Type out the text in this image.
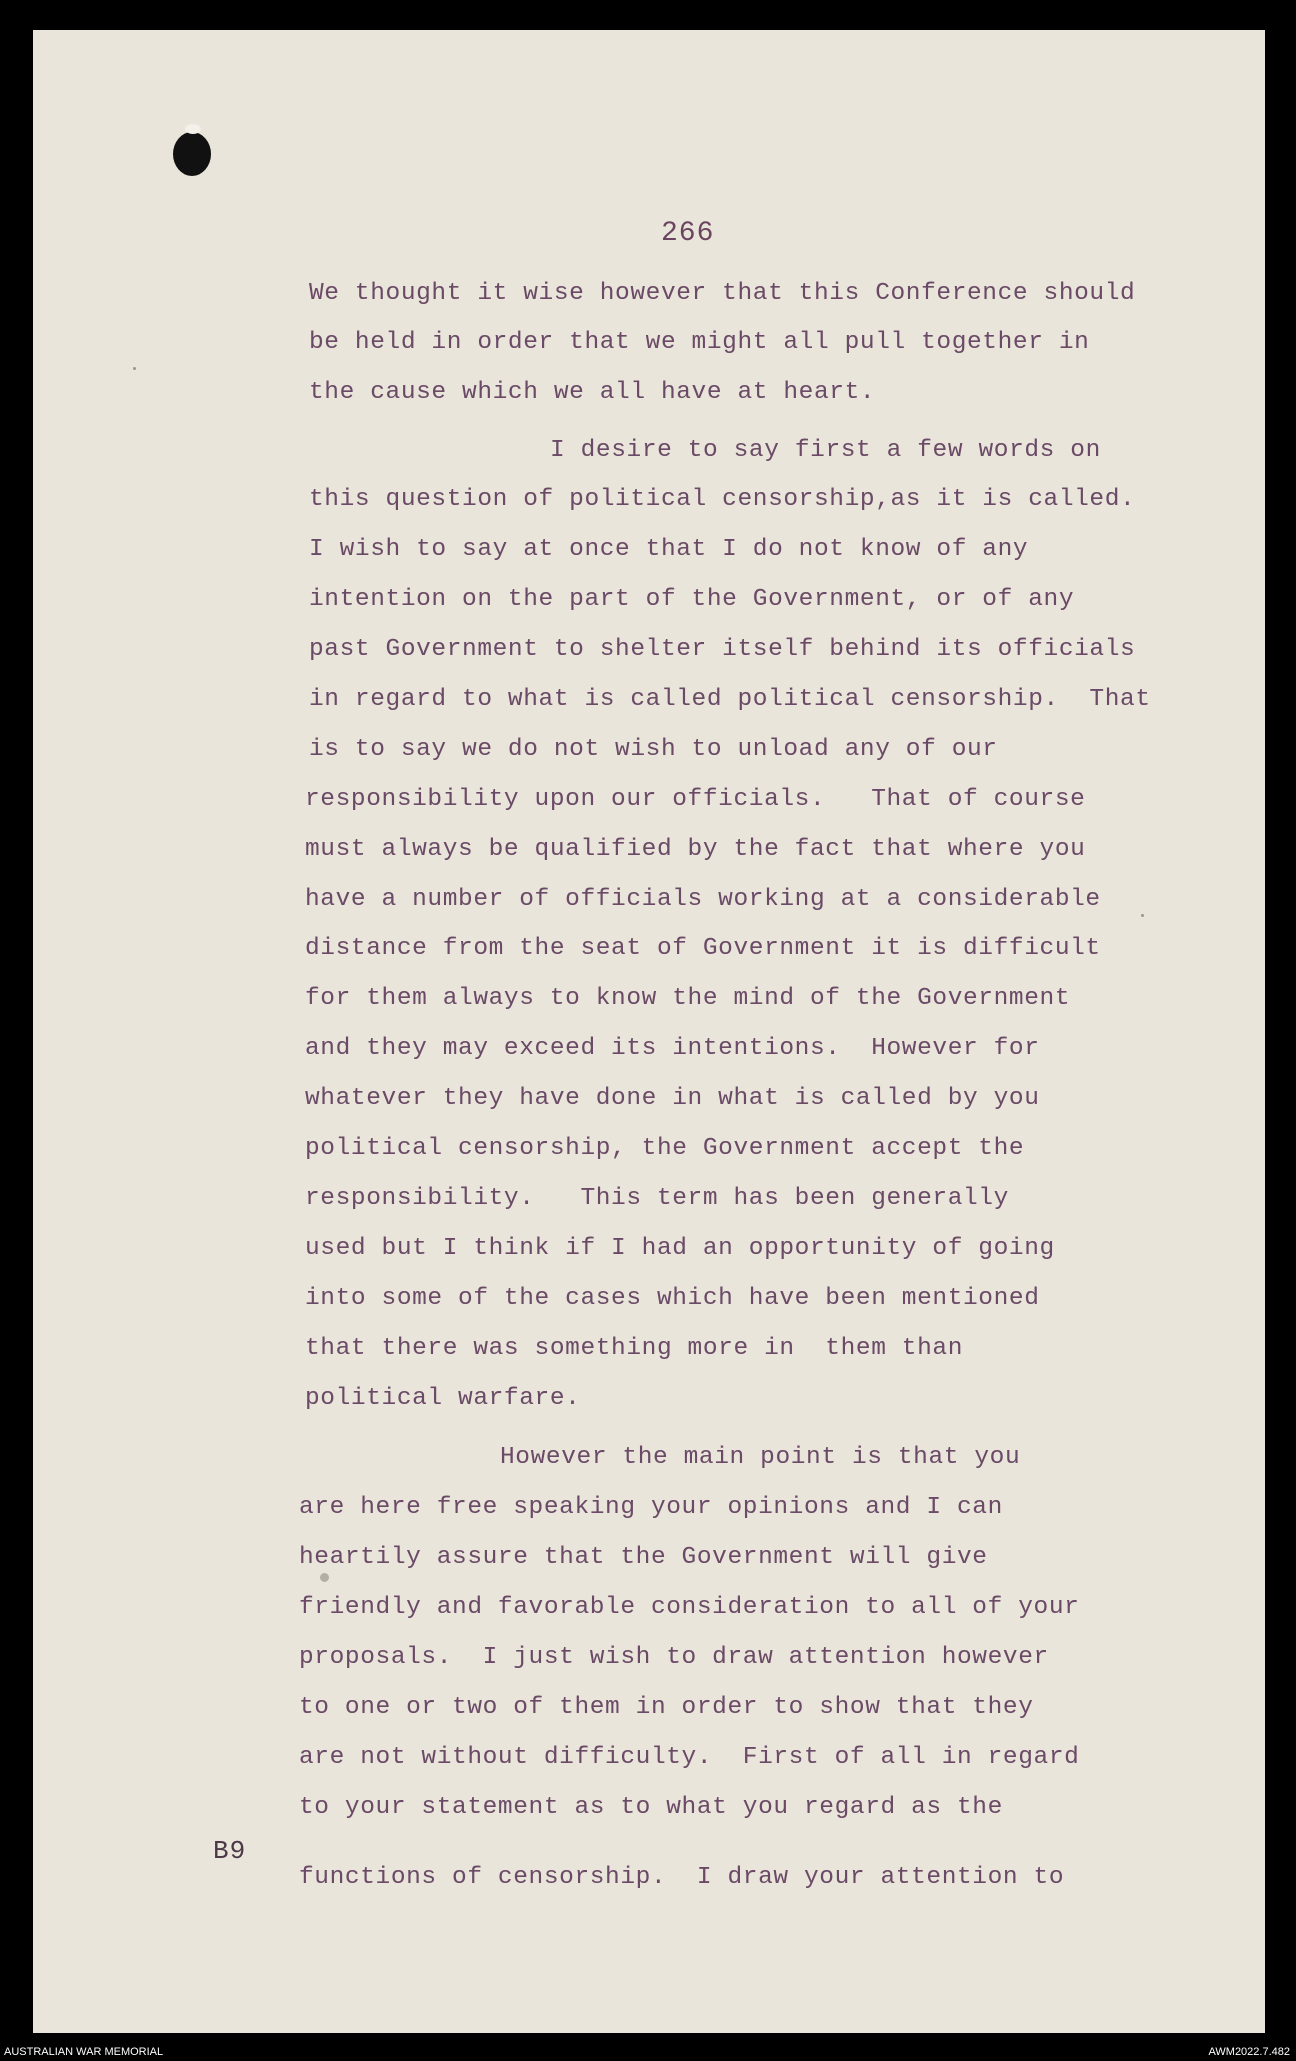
266
We thought it wise however that this Conference should
be held in order that we might all pull together in
the cause which we all have at heart.
I desire to say first a few words on
this question of political censorship,as it is called.
I wish to say at once that I do not know of any
intention on the part of the Government, or of any
past Government to shelter itself behind its officials
in regard to what is called political censorship.  That
is to say we do not wish to unload any of our
responsibility upon our officials.   That of course
must always be qualified by the fact that where you
have a number of officials working at a considerable
distance from the seat of Government it is difficult
for them always to know the mind of the Government
and they may exceed its intentions.  However for
whatever they have done in what is called by you
political censorship, the Government accept the
responsibility.   This term has been generally
used but I think if I had an opportunity of going
into some of the cases which have been mentioned
that there was something more in  them than
political warfare.
However the main point is that you
are here free speaking your opinions and I can
heartily assure that the Government will give
friendly and favorable consideration to all of your
proposals.  I just wish to draw attention however
to one or two of them in order to show that they
are not without difficulty.  First of all in regard
to your statement as to what you regard as the
functions of censorship.  I draw your attention to
B9
AUSTRALIAN WAR MEMORIAL	AWM2022.7.482
